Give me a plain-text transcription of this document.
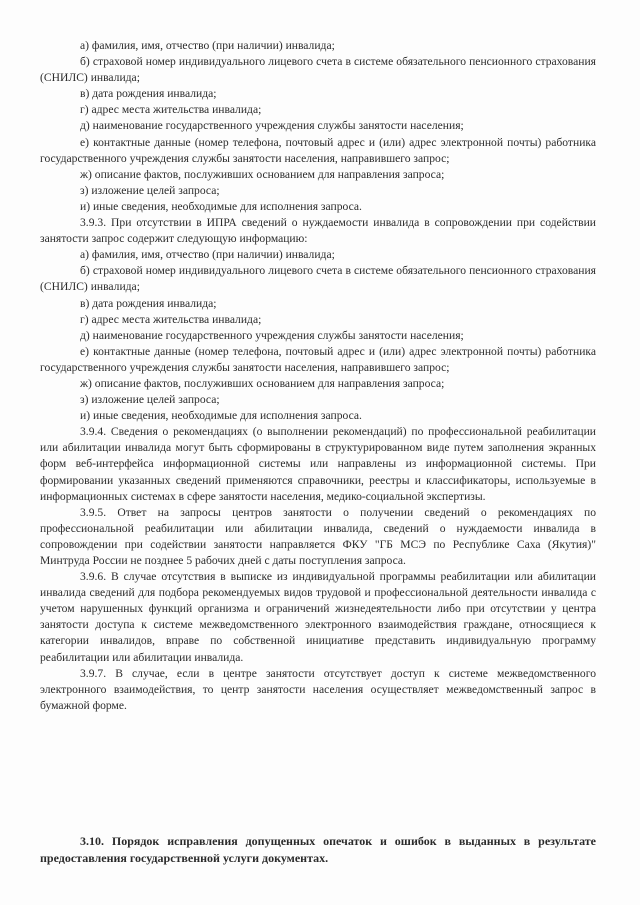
а) фамилия, имя, отчество (при наличии) инвалида;

б) страховой номер индивидуального лицевого счета в системе обязательного пенсионного страхования (СНИЛС) инвалида;

в) дата рождения инвалида;

г) адрес места жительства инвалида;

д) наименование государственного учреждения службы занятости населения;

е) контактные данные (номер телефона, почтовый адрес и (или) адрес электронной почты) работника государственного учреждения службы занятости населения, направившего запрос;

ж) описание фактов, послуживших основанием для направления запроса;

з) изложение целей запроса;

и) иные сведения, необходимые для исполнения запроса.

3.9.3. При отсутствии в ИПРА сведений о нуждаемости инвалида в сопровождении при содействии занятости запрос содержит следующую информацию:

а) фамилия, имя, отчество (при наличии) инвалида;

б) страховой номер индивидуального лицевого счета в системе обязательного пенсионного страхования (СНИЛС) инвалида;

в) дата рождения инвалида;

г) адрес места жительства инвалида;

д) наименование государственного учреждения службы занятости населения;

е) контактные данные (номер телефона, почтовый адрес и (или) адрес электронной почты) работника государственного учреждения службы занятости населения, направившего запрос;

ж) описание фактов, послуживших основанием для направления запроса;

з) изложение целей запроса;

и) иные сведения, необходимые для исполнения запроса.

3.9.4. Сведения о рекомендациях (о выполнении рекомендаций) по профессиональной реабилитации или абилитации инвалида могут быть сформированы в структурированном виде путем заполнения экранных форм веб-интерфейса информационной системы или направлены из информационной системы. При формировании указанных сведений применяются справочники, реестры и классификаторы, используемые в информационных системах в сфере занятости населения, медико-социальной экспертизы.

3.9.5. Ответ на запросы центров занятости о получении сведений о рекомендациях по профессиональной реабилитации или абилитации инвалида, сведений о нуждаемости инвалида в сопровождении при содействии занятости направляется ФКУ "ГБ МСЭ по Республике Саха (Якутия)" Минтруда России не позднее 5 рабочих дней с даты поступления запроса.

3.9.6. В случае отсутствия в выписке из индивидуальной программы реабилитации или абилитации инвалида сведений для подбора рекомендуемых видов трудовой и профессиональной деятельности инвалида с учетом нарушенных функций организма и ограничений жизнедеятельности либо при отсутствии у центра занятости доступа к системе межведомственного электронного взаимодействия граждане, относящиеся к категории инвалидов, вправе по собственной инициативе представить индивидуальную программу реабилитации или абилитации инвалида.

3.9.7. В случае, если в центре занятости отсутствует доступ к системе межведомственного электронного взаимодействия, то центр занятости населения осуществляет межведомственный запрос в бумажной форме.

3.10. Порядок исправления допущенных опечаток и ошибок в выданных в результате предоставления государственной услуги документах.
